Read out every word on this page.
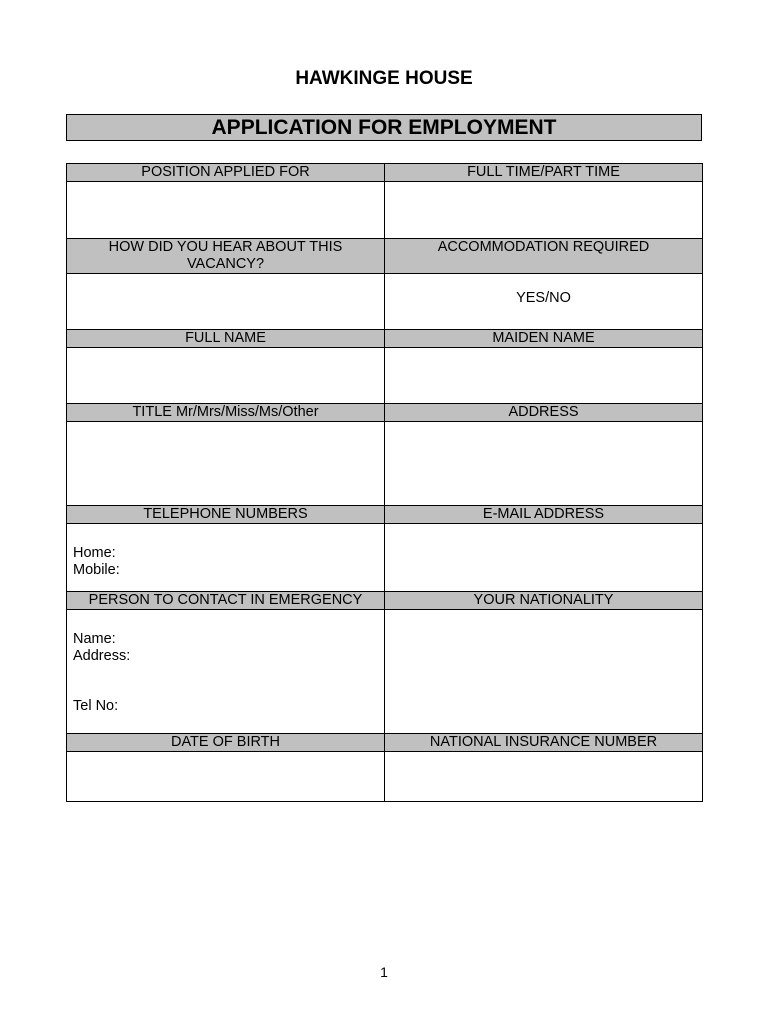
HAWKINGE HOUSE
APPLICATION FOR EMPLOYMENT
POSITION APPLIED FOR	FULL TIME/PART TIME

HOW DID YOU HEAR ABOUT THIS VACANCY?	ACCOMMODATION REQUIRED

	YES/NO

FULL NAME	MAIDEN NAME

TITLE Mr/Mrs/Miss/Ms/Other	ADDRESS

TELEPHONE NUMBERS	E-MAIL ADDRESS

Home:
Mobile:	

PERSON TO CONTACT IN EMERGENCY	YOUR NATIONALITY

Name:
Address:
Tel No:	

DATE OF BIRTH	NATIONAL INSURANCE NUMBER

1
